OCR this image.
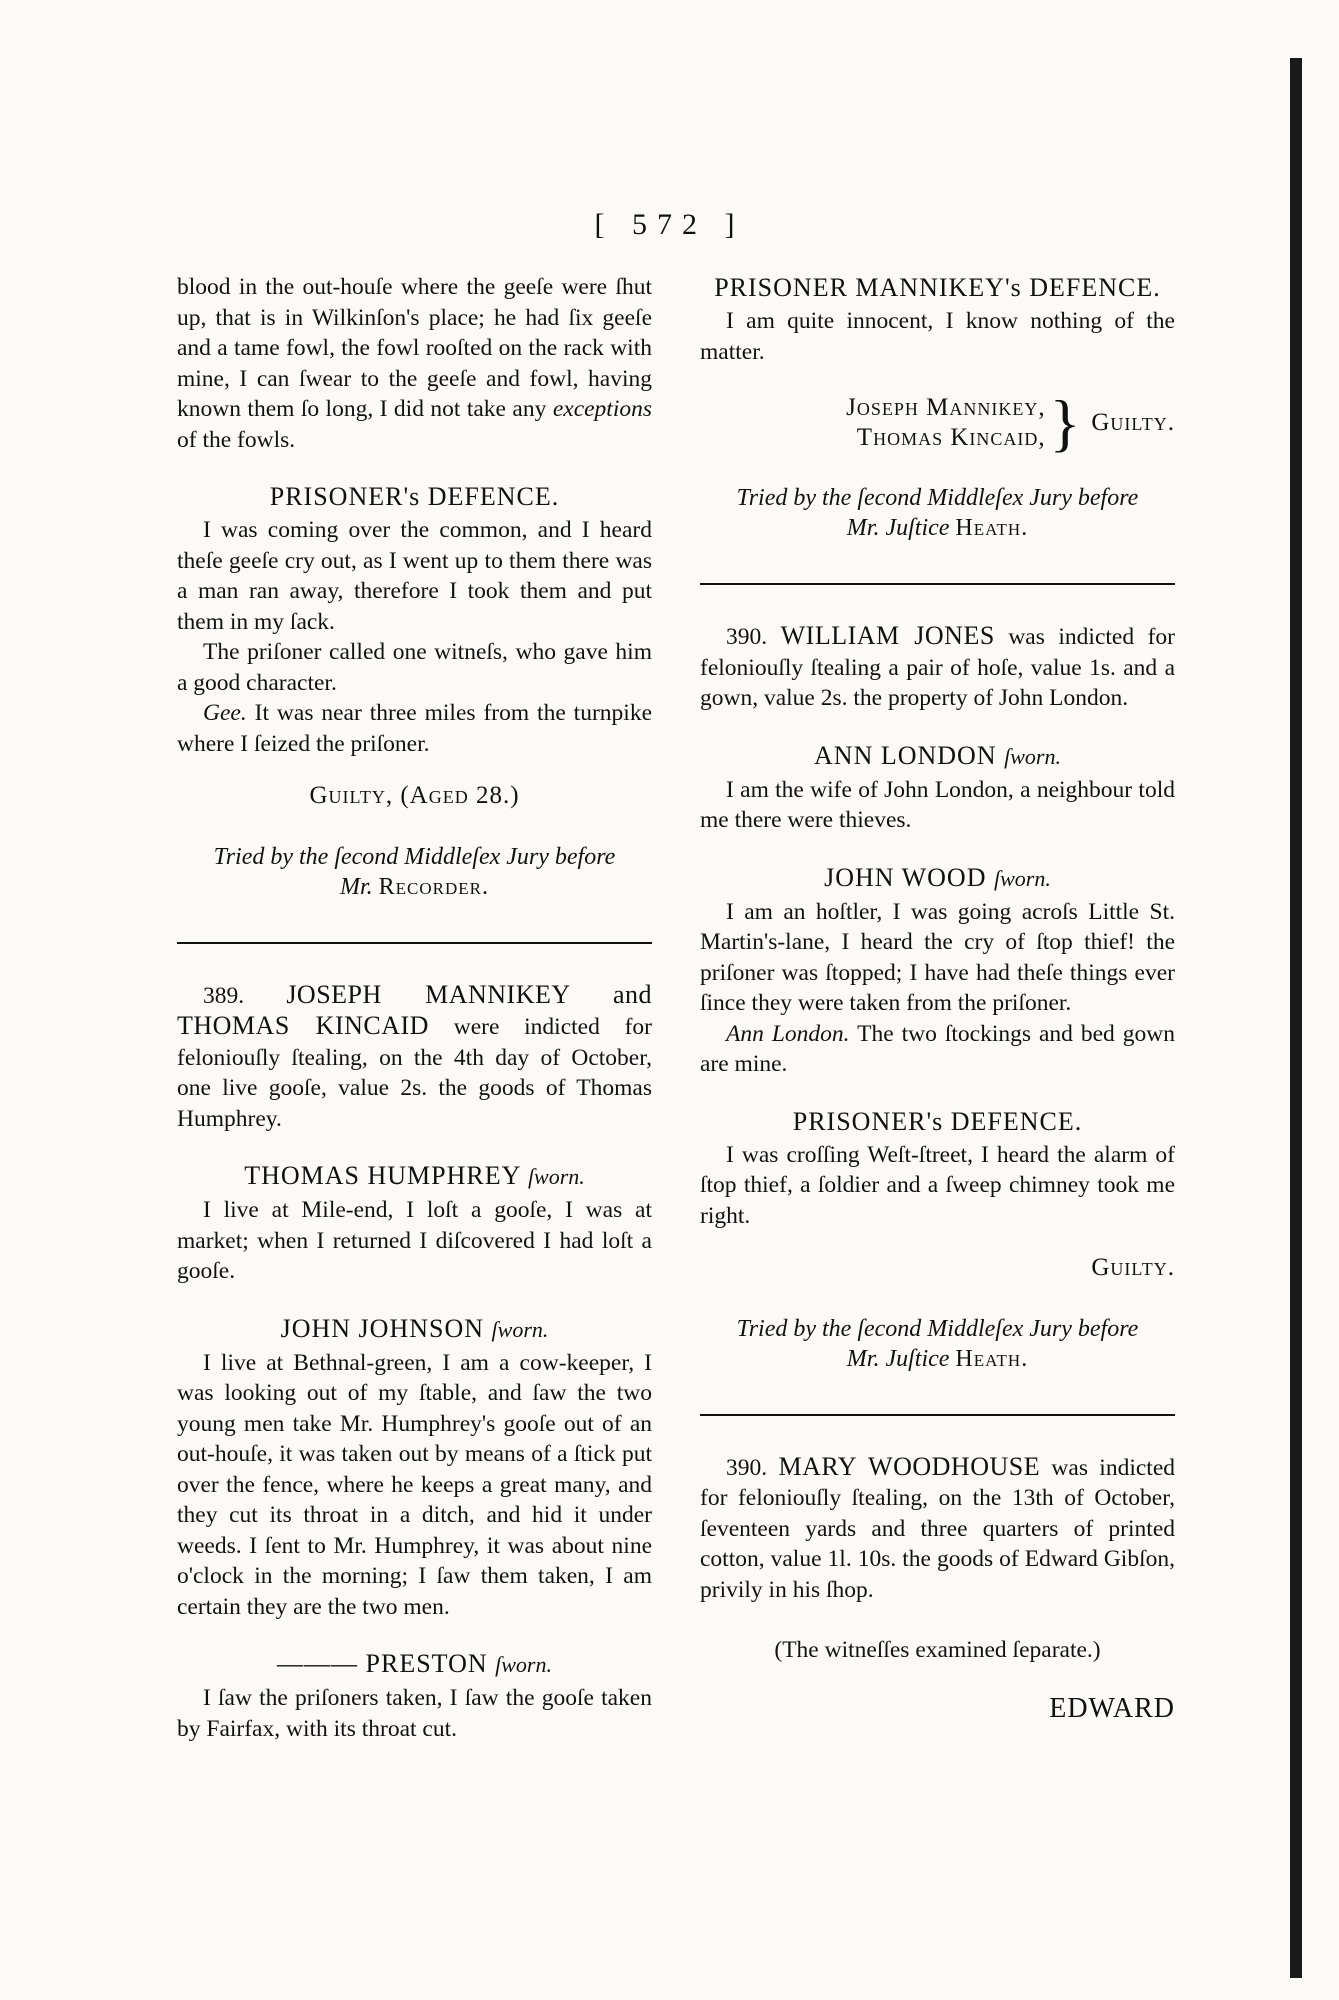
[ 572 ]

blood in the out-houſe where the geeſe were ſhut up, that is in Wilkinſon's place; he had ſix geeſe and a tame fowl, the fowl rooſted on the rack with mine, I can ſwear to the geeſe and fowl, having known them ſo long, I did not take any exceptions of the fowls.

PRISONER's DEFENCE.

I was coming over the common, and I heard theſe geeſe cry out, as I went up to them there was a man ran away, therefore I took them and put them in my ſack.

The priſoner called one witneſs, who gave him a good character.

Gee. It was near three miles from the turnpike where I ſeized the priſoner.

Guilty, (Aged 28.)
Tried by the ſecond Middleſex Jury before
Mr. Recorder.

389. JOSEPH MANNIKEY and THOMAS KINCAID were indicted for feloniouſly ſtealing, on the 4th day of October, one live gooſe, value 2s. the goods of Thomas Humphrey.

THOMAS HUMPHREY ſworn.

I live at Mile-end, I loſt a gooſe, I was at market; when I returned I diſcovered I had loſt a gooſe.

JOHN JOHNSON ſworn.

I live at Bethnal-green, I am a cow-keeper, I was looking out of my ſtable, and ſaw the two young men take Mr. Humphrey's gooſe out of an out-houſe, it was taken out by means of a ſtick put over the fence, where he keeps a great many, and they cut its throat in a ditch, and hid it under weeds. I ſent to Mr. Humphrey, it was about nine o'clock in the morning; I ſaw them taken, I am certain they are the two men.

——— PRESTON ſworn.

I ſaw the priſoners taken, I ſaw the gooſe taken by Fairfax, with its throat cut.

PRISONER MANNIKEY's DEFENCE.

I am quite innocent, I know nothing of the matter.

Joseph Mannikey,
Thomas Kincaid, } Guilty.
Tried by the ſecond Middleſex Jury before
Mr. Juſtice Heath.

390. WILLIAM JONES was indicted for feloniouſly ſtealing a pair of hoſe, value 1s. and a gown, value 2s. the property of John London.

ANN LONDON ſworn.

I am the wife of John London, a neighbour told me there were thieves.

JOHN WOOD ſworn.

I am an hoſtler, I was going acroſs Little St. Martin's-lane, I heard the cry of ſtop thief! the priſoner was ſtopped; I have had theſe things ever ſince they were taken from the priſoner.

Ann London. The two ſtockings and bed gown are mine.

PRISONER's DEFENCE.

I was croſſing Weſt-ſtreet, I heard the alarm of ſtop thief, a ſoldier and a ſweep chimney took me right.

Guilty.
Tried by the ſecond Middleſex Jury before
Mr. Juſtice Heath.

390. MARY WOODHOUSE was indicted for feloniouſly ſtealing, on the 13th of October, ſeventeen yards and three quarters of printed cotton, value 1l. 10s. the goods of Edward Gibſon, privily in his ſhop.

(The witneſſes examined ſeparate.)
EDWARD
